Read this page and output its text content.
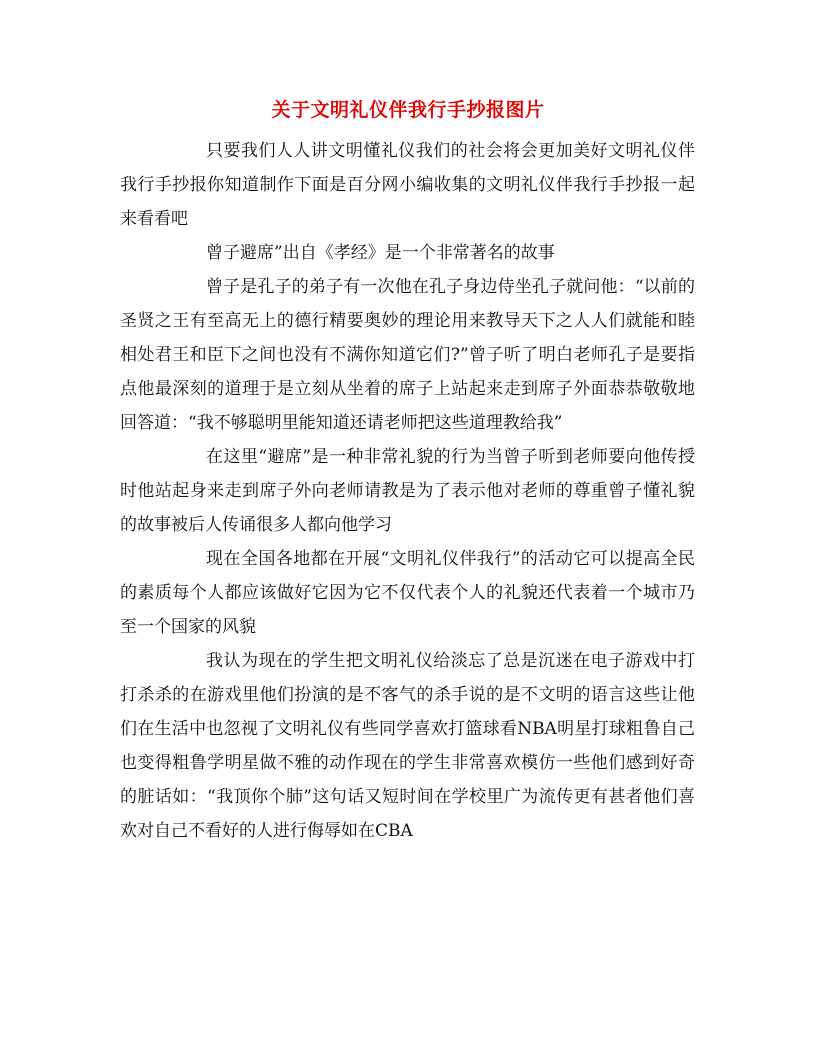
关于文明礼仪伴我行手抄报图片

只要我们人人讲文明懂礼仪我们的社会将会更加美好文明礼仪伴我行手抄报你知道制作下面是百分网小编收集的文明礼仪伴我行手抄报一起来看看吧

曾子避席”出自《孝经》是一个非常著名的故事

曾子是孔子的弟子有一次他在孔子身边侍坐孔子就问他：“以前的圣贤之王有至高无上的德行精要奥妙的理论用来教导天下之人人们就能和睦相处君王和臣下之间也没有不满你知道它们?”曾子听了明白老师孔子是要指点他最深刻的道理于是立刻从坐着的席子上站起来走到席子外面恭恭敬敬地回答道：“我不够聪明里能知道还请老师把这些道理教给我”

在这里“避席”是一种非常礼貌的行为当曾子听到老师要向他传授时他站起身来走到席子外向老师请教是为了表示他对老师的尊重曾子懂礼貌的故事被后人传诵很多人都向他学习

现在全国各地都在开展“文明礼仪伴我行”的活动它可以提高全民的素质每个人都应该做好它因为它不仅代表个人的礼貌还代表着一个城市乃至一个国家的风貌

我认为现在的学生把文明礼仪给淡忘了总是沉迷在电子游戏中打打杀杀的在游戏里他们扮演的是不客气的杀手说的是不文明的语言这些让他们在生活中也忽视了文明礼仪有些同学喜欢打篮球看NBA明星打球粗鲁自己也变得粗鲁学明星做不雅的动作现在的学生非常喜欢模仿一些他们感到好奇的脏话如：“我顶你个肺”这句话又短时间在学校里广为流传更有甚者他们喜欢对自己不看好的人进行侮辱如在CBA
